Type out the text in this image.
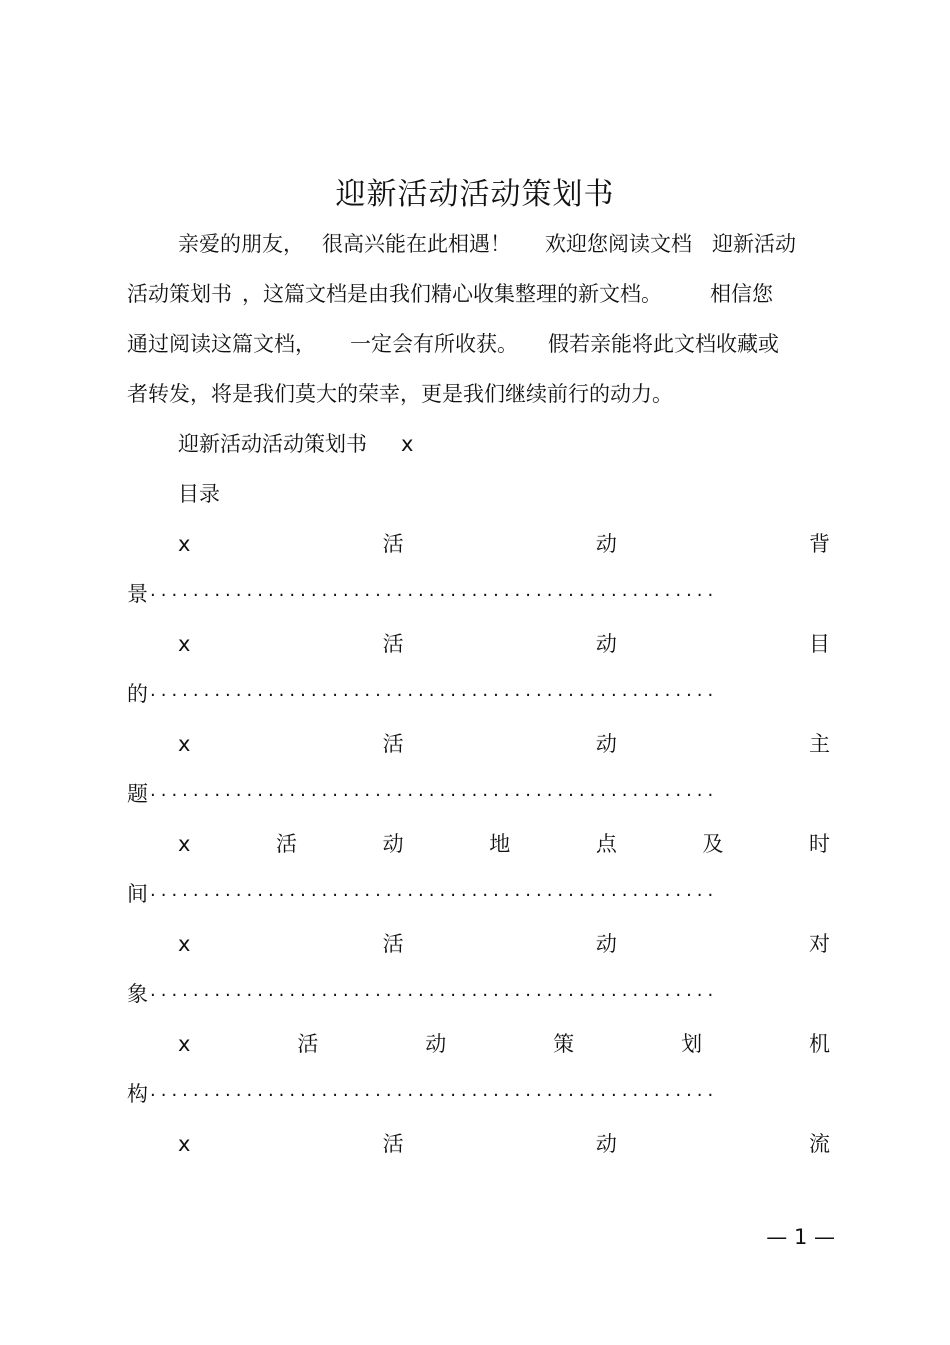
迎新活动活动策划书
亲爱的朋友， 很高兴能在此相遇！ 欢迎您阅读文档 迎新活动
活动策划书 ，这篇文档是由我们精心收集整理的新文档。 相信您
通过阅读这篇文档， 一定会有所收获。 假若亲能将此文档收藏或
者转发，将是我们莫大的荣幸，更是我们继续前行的动力。
迎新活动活动策划书 x
目录
x	活	动	背
景 ·····················································
x	活	动	目
的 ·····················································
x	活	动	主
题 ·····················································
x	活	动	地	点	及	时
间 ·····················································
x	活	动	对
象 ·····················································
x	活	动	策	划	机
构 ·····················································
x	活	动	流
— 1 —
